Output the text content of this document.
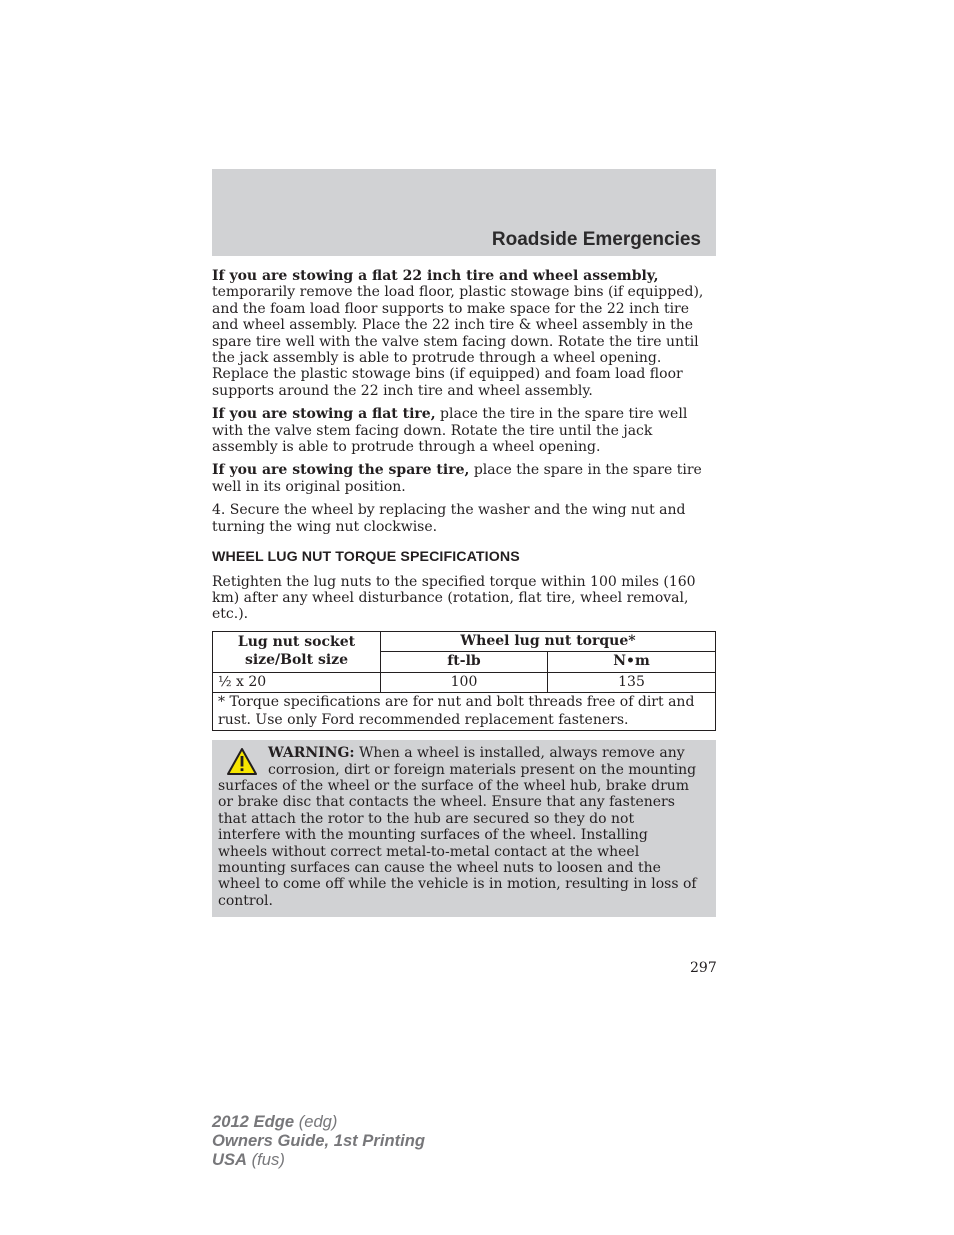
Roadside Emergencies

If you are stowing a flat 22 inch tire and wheel assembly, temporarily remove the load floor, plastic stowage bins (if equipped), and the foam load floor supports to make space for the 22 inch tire and wheel assembly. Place the 22 inch tire & wheel assembly in the spare tire well with the valve stem facing down. Rotate the tire until the jack assembly is able to protrude through a wheel opening. Replace the plastic stowage bins (if equipped) and foam load floor supports around the 22 inch tire and wheel assembly.

If you are stowing a flat tire, place the tire in the spare tire well with the valve stem facing down. Rotate the tire until the jack assembly is able to protrude through a wheel opening.

If you are stowing the spare tire, place the spare in the spare tire well in its original position.

4. Secure the wheel by replacing the washer and the wing nut and turning the wing nut clockwise.

WHEEL LUG NUT TORQUE SPECIFICATIONS

Retighten the lug nuts to the specified torque within 100 miles (160 km) after any wheel disturbance (rotation, flat tire, wheel removal, etc.).

Lug nut socket size/Bolt size	Wheel lug nut torque*	
	ft-lb	N•m
½ x 20	100	135
* Torque specifications are for nut and bolt threads free of dirt and rust. Use only Ford recommended replacement fasteners.		
WARNING: When a wheel is installed, always remove any corrosion, dirt or foreign materials present on the mounting surfaces of the wheel or the surface of the wheel hub, brake drum or brake disc that contacts the wheel. Ensure that any fasteners that attach the rotor to the hub are secured so they do not interfere with the mounting surfaces of the wheel. Installing wheels without correct metal-to-metal contact at the wheel mounting surfaces can cause the wheel nuts to loosen and the wheel to come off while the vehicle is in motion, resulting in loss of control.
297
2012 Edge (edg)
Owners Guide, 1st Printing
USA (fus)
